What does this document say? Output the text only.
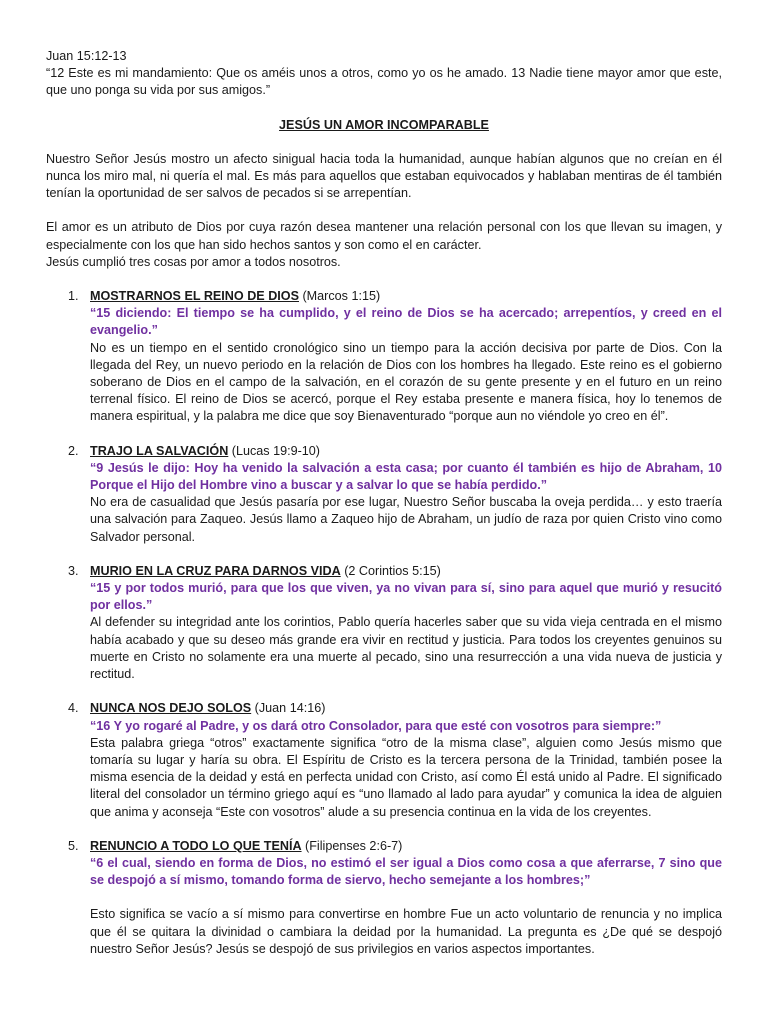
Juan 15:12-13

“12 Este es mi mandamiento: Que os améis unos a otros, como yo os he amado. 13 Nadie tiene mayor amor que este, que uno ponga su vida por sus amigos.”

JESÚS UN AMOR INCOMPARABLE

Nuestro Señor Jesús mostro un afecto sinigual hacia toda la humanidad, aunque habían algunos que no creían en él nunca los miro mal, ni quería el mal. Es más para aquellos que estaban equivocados y hablaban mentiras de él también tenían la oportunidad de ser salvos de pecados si se arrepentían.

El amor es un atributo de Dios por cuya razón desea mantener una relación personal con los que llevan su imagen, y especialmente con los que han sido hechos santos y son como el en carácter.

Jesús cumplió tres cosas por amor a todos nosotros.

1. MOSTRARNOS EL REINO DE DIOS (Marcos 1:15)

“15 diciendo: El tiempo se ha cumplido, y el reino de Dios se ha acercado; arrepentíos, y creed en el evangelio.”

No es un tiempo en el sentido cronológico sino un tiempo para la acción decisiva por parte de Dios. Con la llegada del Rey, un nuevo periodo en la relación de Dios con los hombres ha llegado. Este reino es el gobierno soberano de Dios en el campo de la salvación, en el corazón de su gente presente y en el futuro en un reino terrenal físico. El reino de Dios se acercó, porque el Rey estaba presente e manera física, hoy lo tenemos de manera espiritual, y la palabra me dice que soy Bienaventurado “porque aun no viéndole yo creo en él”.

2. TRAJO LA SALVACIÓN (Lucas 19:9-10)

“9 Jesús le dijo: Hoy ha venido la salvación a esta casa; por cuanto él también es hijo de Abraham, 10 Porque el Hijo del Hombre vino a buscar y a salvar lo que se había perdido.”

No era de casualidad que Jesús pasaría por ese lugar, Nuestro Señor buscaba la oveja perdida… y esto traería una salvación para Zaqueo. Jesús llamo a Zaqueo hijo de Abraham, un judío de raza por quien Cristo vino como Salvador personal.

3. MURIO EN LA CRUZ PARA DARNOS VIDA (2 Corintios 5:15)

“15 y por todos murió, para que los que viven, ya no vivan para sí, sino para aquel que murió y resucitó por ellos.”

Al defender su integridad ante los corintios, Pablo quería hacerles saber que su vida vieja centrada en el mismo había acabado y que su deseo más grande era vivir en rectitud y justicia. Para todos los creyentes genuinos su muerte en Cristo no solamente era una muerte al pecado, sino una resurrección a una vida nueva de justicia y rectitud.

4. NUNCA NOS DEJO SOLOS (Juan 14:16)

“16 Y yo rogaré al Padre, y os dará otro Consolador, para que esté con vosotros para siempre:”

Esta palabra griega “otros” exactamente significa “otro de la misma clase”, alguien como Jesús mismo que tomaría su lugar y haría su obra. El Espíritu de Cristo es la tercera persona de la Trinidad, también posee la misma esencia de la deidad y está en perfecta unidad con Cristo, así como Él está unido al Padre. El significado literal del consolador un término griego aquí es “uno llamado al lado para ayudar” y comunica la idea de alguien que anima y aconseja “Este con vosotros” alude a su presencia continua en la vida de los creyentes.

5. RENUNCIO A TODO LO QUE TENÍA (Filipenses 2:6-7)

“6 el cual, siendo en forma de Dios, no estimó el ser igual a Dios como cosa a que aferrarse, 7 sino que se despojó a sí mismo, tomando forma de siervo, hecho semejante a los hombres;”

Esto significa se vacío a sí mismo para convertirse en hombre Fue un acto voluntario de renuncia y no implica que él se quitara la divinidad o cambiara la deidad por la humanidad. La pregunta es ¿De qué se despojó nuestro Señor Jesús? Jesús se despojó de sus privilegios en varios aspectos importantes.
